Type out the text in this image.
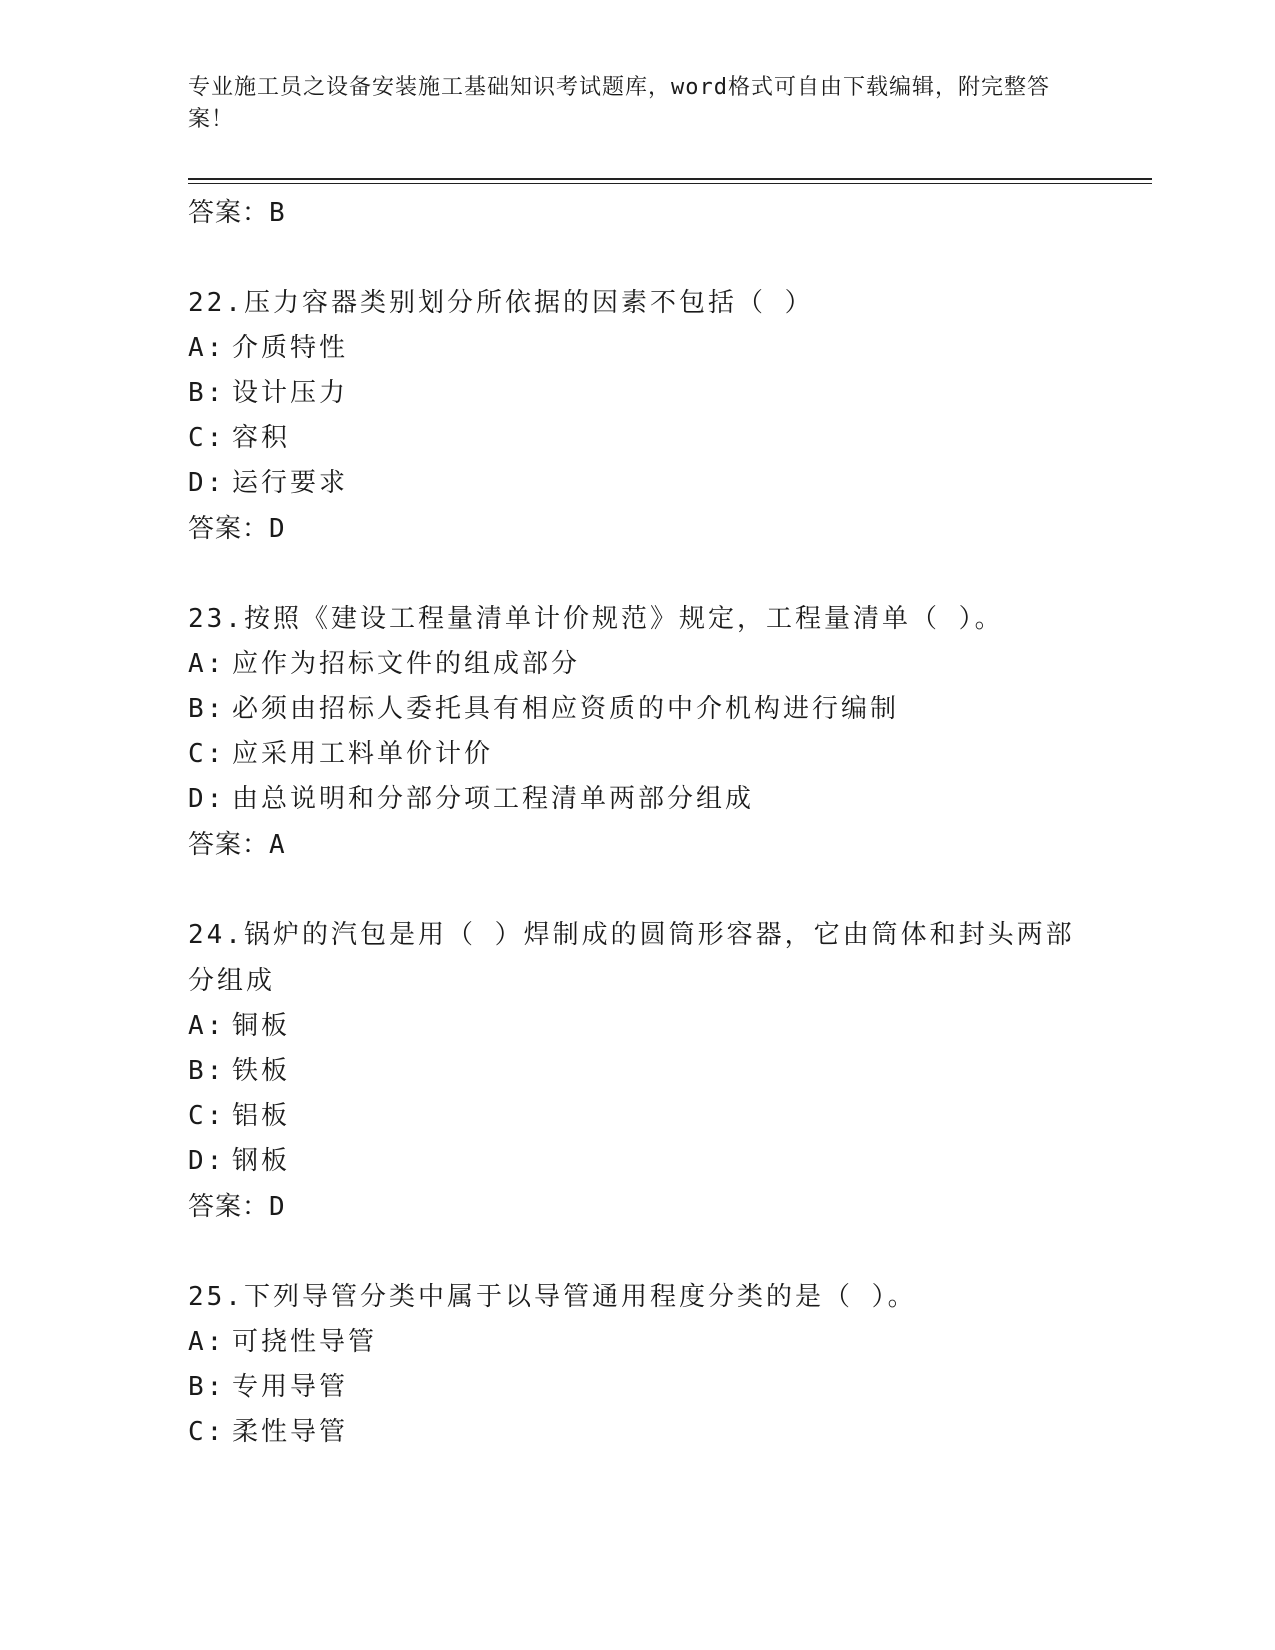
专业施工员之设备安装施工基础知识考试题库，word格式可自由下载编辑，附完整答案！
答案：B
22.压力容器类别划分所依据的因素不包括（ ）
A: 介质特性
B: 设计压力
C: 容积
D: 运行要求
答案：D
23.按照《建设工程量清单计价规范》规定，工程量清单（ ）。
A: 应作为招标文件的组成部分
B: 必须由招标人委托具有相应资质的中介机构进行编制
C: 应采用工料单价计价
D: 由总说明和分部分项工程清单两部分组成
答案：A
24.锅炉的汽包是用（ ）焊制成的圆筒形容器，它由筒体和封头两部分组成
A: 铜板
B: 铁板
C: 铝板
D: 钢板
答案：D
25.下列导管分类中属于以导管通用程度分类的是（ ）。
A: 可挠性导管
B: 专用导管
C: 柔性导管
